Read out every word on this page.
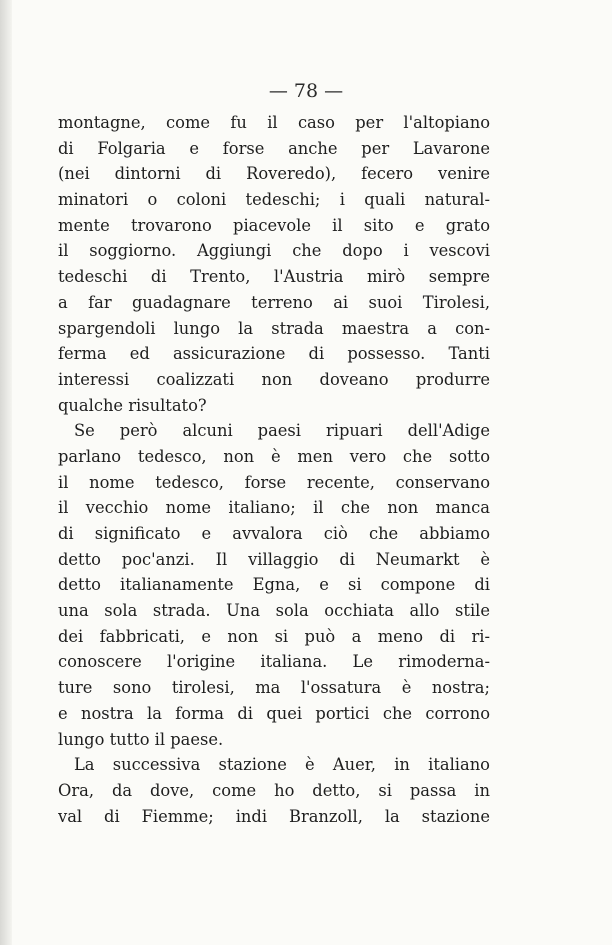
— 78 —
montagne, come fu il caso per l'altopiano
di Folgaria e forse anche per Lavarone
(nei dintorni di Roveredo), fecero venire
minatori o coloni tedeschi; i quali natural-
mente trovarono piacevole il sito e grato
il soggiorno. Aggiungi che dopo i vescovi
tedeschi di Trento, l'Austria mirò sempre
a far guadagnare terreno ai suoi Tirolesi,
spargendoli lungo la strada maestra a con-
ferma ed assicurazione di possesso. Tanti
interessi coalizzati non doveano produrre
qualche risultato?
Se però alcuni paesi ripuari dell'Adige
parlano tedesco, non è men vero che sotto
il nome tedesco, forse recente, conservano
il vecchio nome italiano; il che non manca
di significato e avvalora ciò che abbiamo
detto poc'anzi. Il villaggio di Neumarkt è
detto italianamente Egna, e si compone di
una sola strada. Una sola occhiata allo stile
dei fabbricati, e non si può a meno di ri-
conoscere l'origine italiana. Le rimoderna-
ture sono tirolesi, ma l'ossatura è nostra;
e nostra la forma di quei portici che corrono
lungo tutto il paese.
La successiva stazione è Auer, in italiano
Ora, da dove, come ho detto, si passa in
val di Fiemme; indi Branzoll, la stazione
